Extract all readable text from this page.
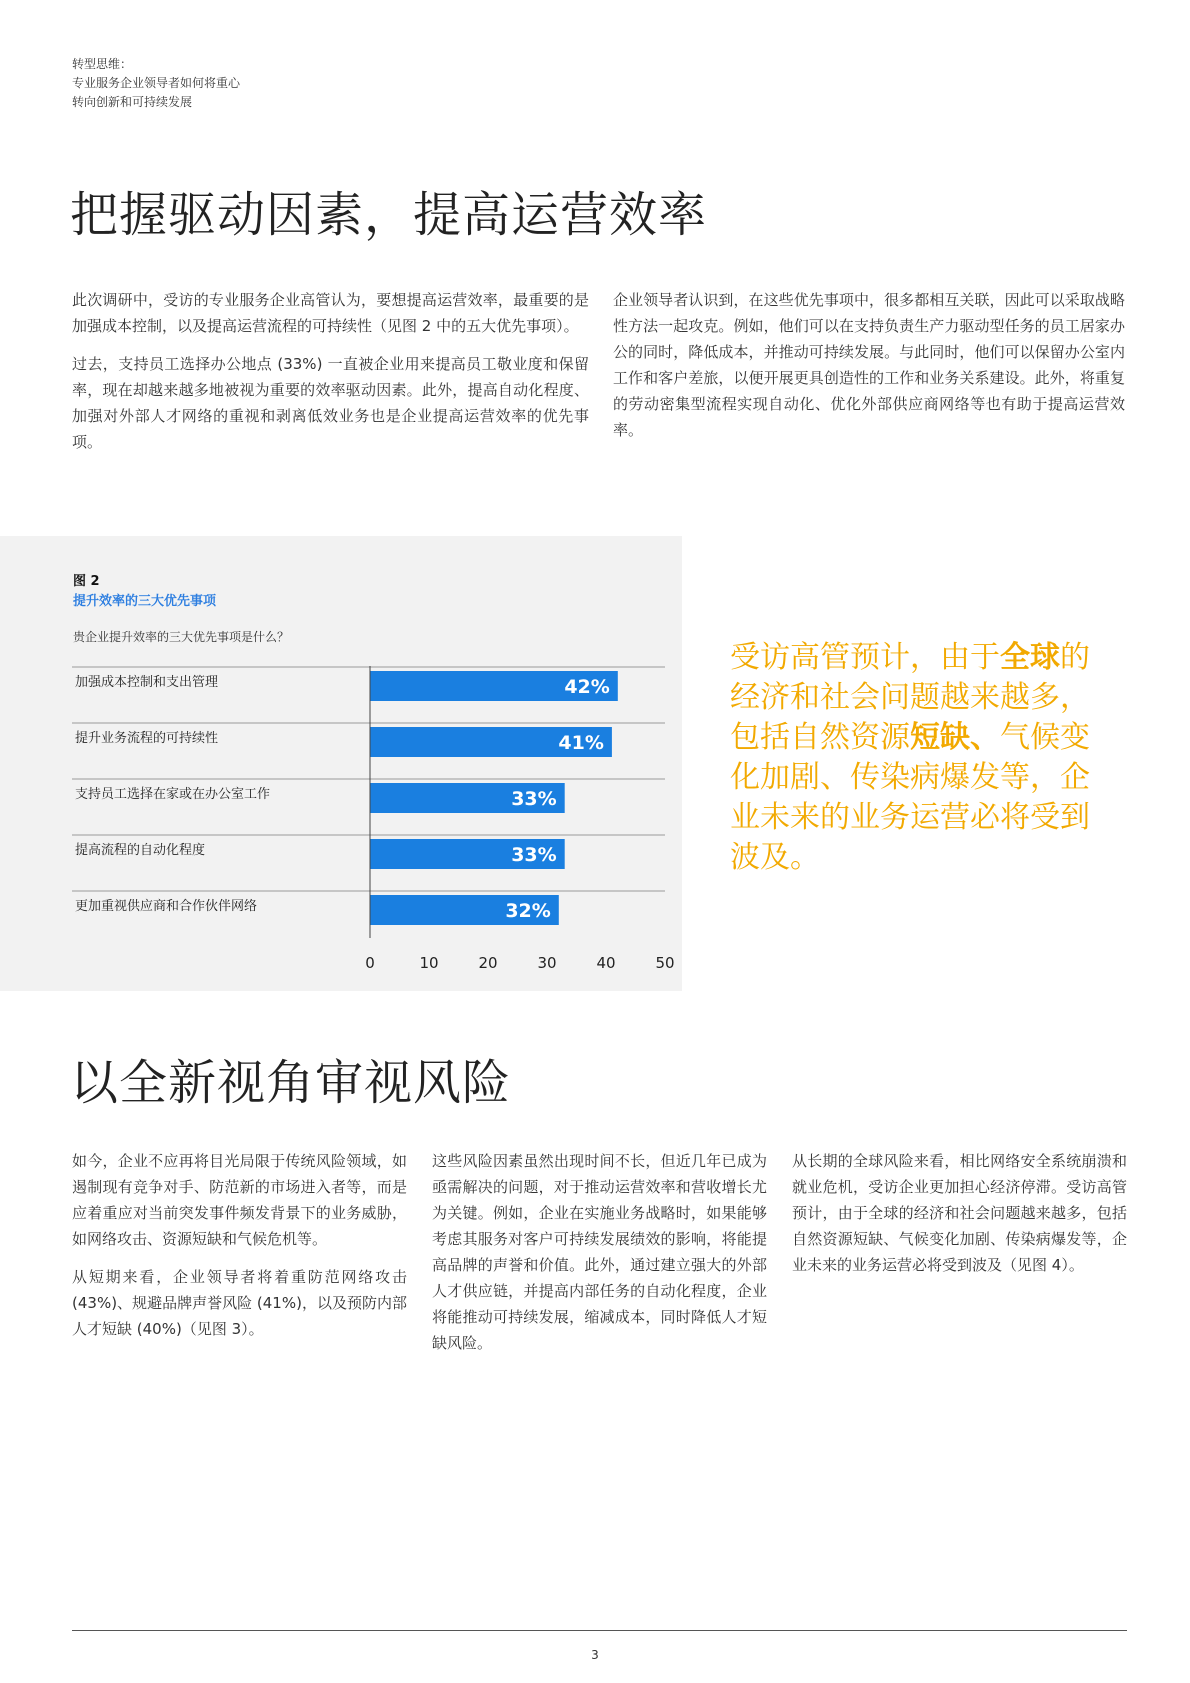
转型思维：
专业服务企业领导者如何将重心
转向创新和可持续发展
把握驱动因素，提高运营效率

此次调研中，受访的专业服务企业高管认为，要想提高运营效率，最重要的是加强成本控制，以及提高运营流程的可持续性（见图 2 中的五大优先事项）。

过去，支持员工选择办公地点 (33%) 一直被企业用来提高员工敬业度和保留率，现在却越来越多地被视为重要的效率驱动因素。此外，提高自动化程度、加强对外部人才网络的重视和剥离低效业务也是企业提高运营效率的优先事项。

企业领导者认识到，在这些优先事项中，很多都相互关联，因此可以采取战略性方法一起攻克。例如，他们可以在支持负责生产力驱动型任务的员工居家办公的同时，降低成本，并推动可持续发展。与此同时，他们可以保留办公室内工作和客户差旅，以便开展更具创造性的工作和业务关系建设。此外，将重复的劳动密集型流程实现自动化、优化外部供应商网络等也有助于提高运营效率。

图 2
提升效率的三大优先事项
贵企业提升效率的三大优先事项是什么？
加强成本控制和支出管理	42%
提升业务流程的可持续性	41%
支持员工选择在家或在办公室工作	33%
提高流程的自动化程度	33%
更加重视供应商和合作伙伴网络	32%
0	10	20	30	40	50
受访高管预计，由于全球的经济和社会问题越来越多，包括自然资源短缺、气候变化加剧、传染病爆发等，企业未来的业务运营必将受到波及。
以全新视角审视风险

如今，企业不应再将目光局限于传统风险领域，如遏制现有竞争对手、防范新的市场进入者等，而是应着重应对当前突发事件频发背景下的业务威胁，如网络攻击、资源短缺和气候危机等。

从短期来看，企业领导者将着重防范网络攻击 (43%)、规避品牌声誉风险 (41%)，以及预防内部人才短缺 (40%)（见图 3）。

这些风险因素虽然出现时间不长，但近几年已成为亟需解决的问题，对于推动运营效率和营收增长尤为关键。例如，企业在实施业务战略时，如果能够考虑其服务对客户可持续发展绩效的影响，将能提高品牌的声誉和价值。此外，通过建立强大的外部人才供应链，并提高内部任务的自动化程度，企业将能推动可持续发展，缩减成本，同时降低人才短缺风险。

从长期的全球风险来看，相比网络安全系统崩溃和就业危机，受访企业更加担心经济停滞。受访高管预计，由于全球的经济和社会问题越来越多，包括自然资源短缺、气候变化加剧、传染病爆发等，企业未来的业务运营必将受到波及（见图 4）。

3
